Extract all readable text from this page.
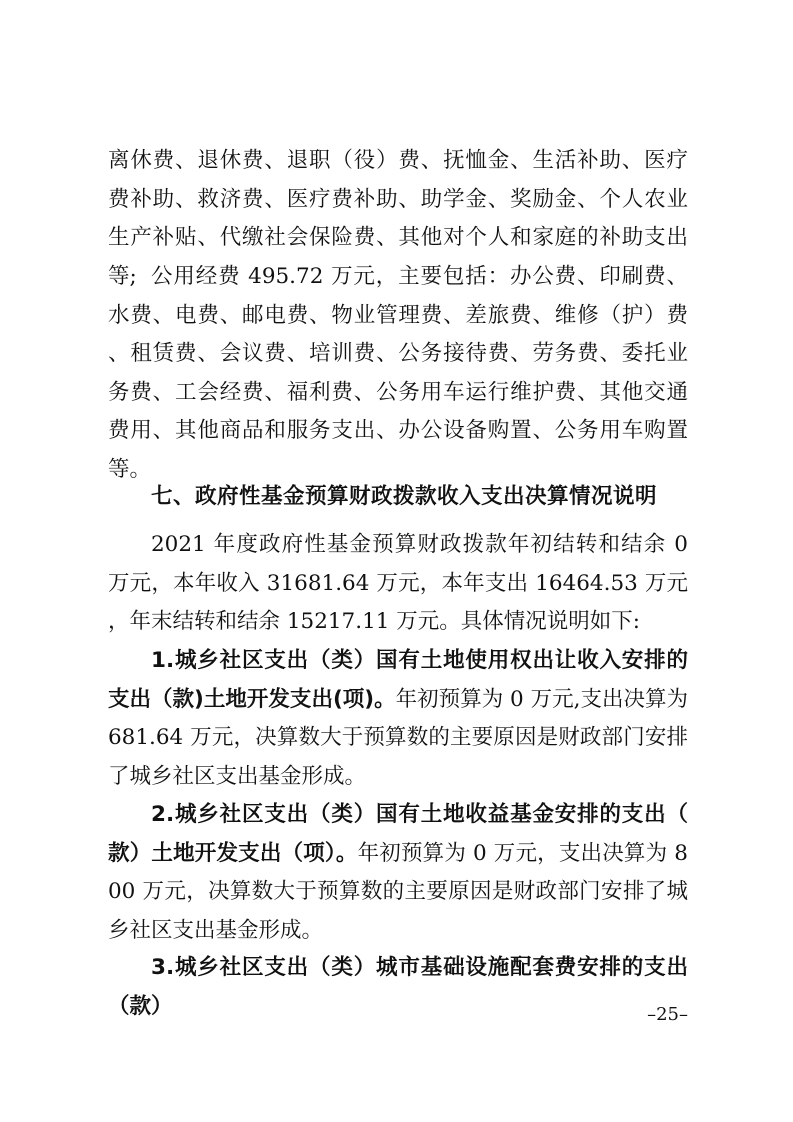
离休费、退休费、退职（役）费、抚恤金、生活补助、医疗费补助、救济费、医疗费补助、助学金、奖励金、个人农业生产补贴、代缴社会保险费、其他对个人和家庭的补助支出等; 公用经费 495.72 万元，主要包括：办公费、印刷费、水费、电费、邮电费、物业管理费、差旅费、维修（护）费、租赁费、会议费、培训费、公务接待费、劳务费、委托业务费、工会经费、福利费、公务用车运行维护费、其他交通费用、其他商品和服务支出、办公设备购置、公务用车购置等。
七、政府性基金预算财政拨款收入支出决算情况说明
2021 年度政府性基金预算财政拨款年初结转和结余 0 万元，本年收入 31681.64 万元，本年支出 16464.53 万元，年末结转和结余 15217.11 万元。具体情况说明如下:
1.城乡社区支出（类）国有土地使用权出让收入安排的支出（款)土地开发支出(项)。年初预算为 0 万元,支出决算为 681.64 万元，决算数大于预算数的主要原因是财政部门安排了城乡社区支出基金形成。
2.城乡社区支出（类）国有土地收益基金安排的支出（款）土地开发支出（项）。年初预算为 0 万元，支出决算为 800 万元，决算数大于预算数的主要原因是财政部门安排了城乡社区支出基金形成。
3.城乡社区支出（类）城市基础设施配套费安排的支出（款）	–25–
